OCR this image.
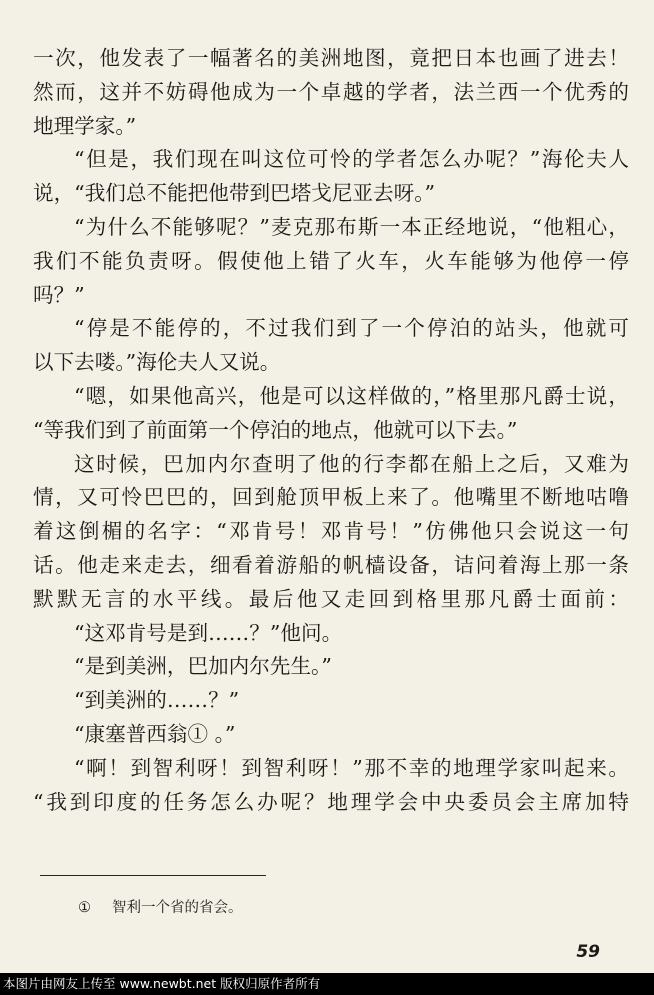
一次，他发表了一幅著名的美洲地图，竟把日本也画了进去！
然而，这并不妨碍他成为一个卓越的学者，法兰西一个优秀的
地理学家。”
“但是，我们现在叫这位可怜的学者怎么办呢？”海伦夫人
说，“我们总不能把他带到巴塔戈尼亚去呀。”
“为什么不能够呢？”麦克那布斯一本正经地说，“他粗心，
我们不能负责呀。假使他上错了火车，火车能够为他停一停
吗？”
“停是不能停的，不过我们到了一个停泊的站头，他就可
以下去喽。”海伦夫人又说。
“嗯，如果他高兴，他是可以这样做的，”格里那凡爵士说，
“等我们到了前面第一个停泊的地点，他就可以下去。”
这时候，巴加内尔查明了他的行李都在船上之后，又难为
情，又可怜巴巴的，回到舱顶甲板上来了。他嘴里不断地咕噜
着这倒楣的名字：“邓肯号！邓肯号！”仿佛他只会说这一句
话。他走来走去，细看着游船的帆樯设备，诘问着海上那一条
默默无言的水平线。最后他又走回到格里那凡爵士面前：
“这邓肯号是到……？”他问。
“是到美洲，巴加内尔先生。”
“到美洲的……？”
“康塞普西翁① 。”
“啊！到智利呀！到智利呀！”那不幸的地理学家叫起来。
“我到印度的任务怎么办呢？地理学会中央委员会主席加特
① 智利一个省的省会。
59
本图片由网友上传至 www.newbt.net 版权归原作者所有
